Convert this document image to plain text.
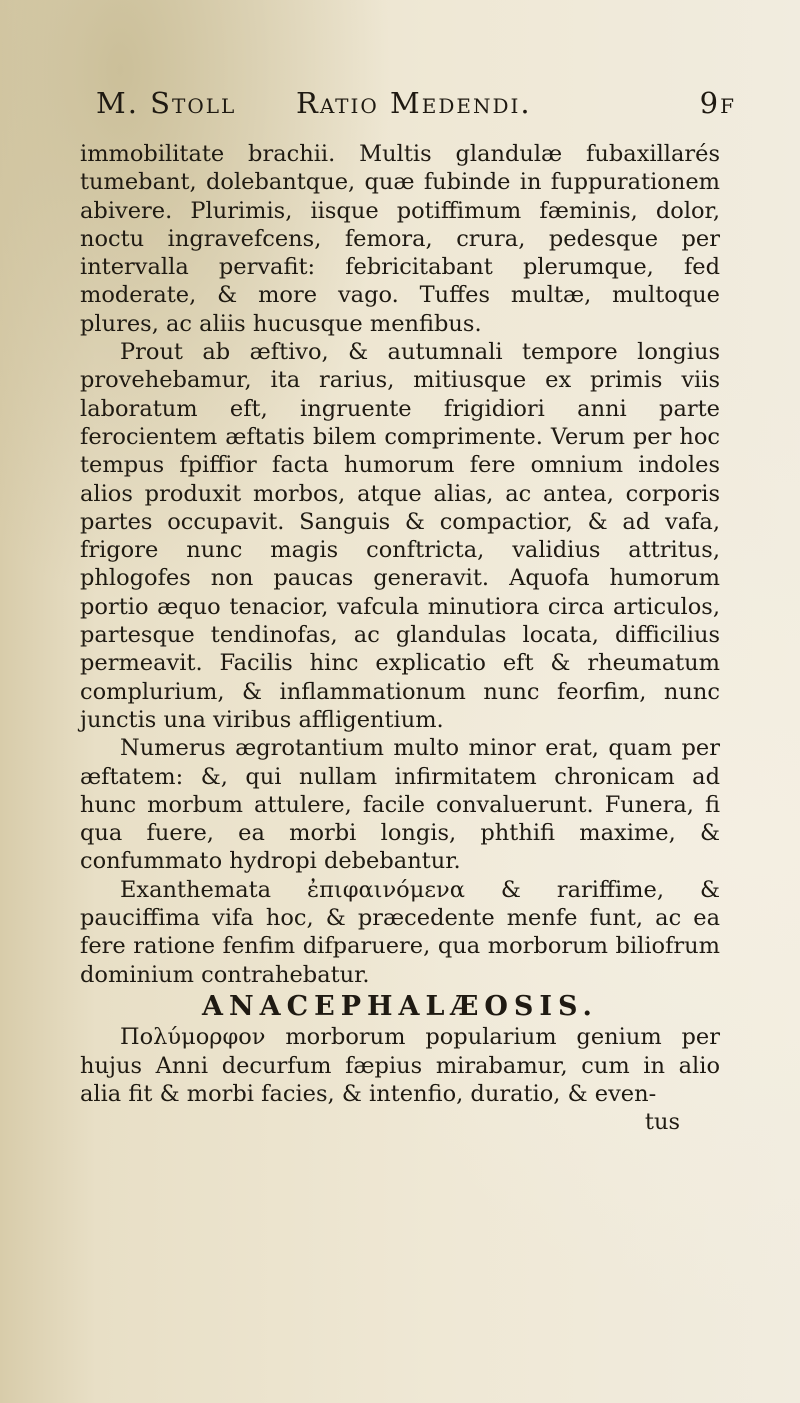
M. Stoll Ratio Medendi.	9f

immobilitate brachii. Multis glandulæ fubaxillarés tumebant, dolebantque, quæ fubinde in fuppurationem abivere. Plurimis, iisque potiffimum fæminis, dolor, noctu ingravefcens, femora, crura, pedesque per intervalla pervafit: febricitabant plerumque, fed moderate, & more vago. Tuffes multæ, multoque plures, ac aliis hucusque menfibus.

Prout ab æftivo, & autumnali tempore longius provehebamur, ita rarius, mitiusque ex primis viis laboratum eft, ingruente frigidiori anni parte ferocientem æftatis bilem comprimente. Verum per hoc tempus fpiffior facta humorum fere omnium indoles alios produxit morbos, atque alias, ac antea, corporis partes occupavit. Sanguis & compactior, & ad vafa, frigore nunc magis conftricta, validius attritus, phlogofes non paucas generavit. Aquofa humorum portio æquo tenacior, vafcula minutiora circa articulos, partesque tendinofas, ac glandulas locata, difficilius permeavit. Facilis hinc explicatio eft & rheumatum complurium, & inflammationum nunc feorfim, nunc junctis una viribus affligentium.

Numerus ægrotantium multo minor erat, quam per æftatem: &, qui nullam infirmitatem chronicam ad hunc morbum attulere, facile convaluerunt. Funera, fi qua fuere, ea morbi longis, phthifi maxime, & confummato hydropi debebantur.

Exanthemata ἐπιφαινόμενα & rariffime, & pauciffima vifa hoc, & præcedente menfe funt, ac ea fere ratione fenfim difparuere, qua morborum biliofrum dominium contrahebatur.

ANACEPHALÆOSIS.

Πολύμορφον morborum popularium genium per hujus Anni decurfum fæpius mirabamur, cum in alio alia fit & morbi facies, & intenfio, duratio, & even-

tus
